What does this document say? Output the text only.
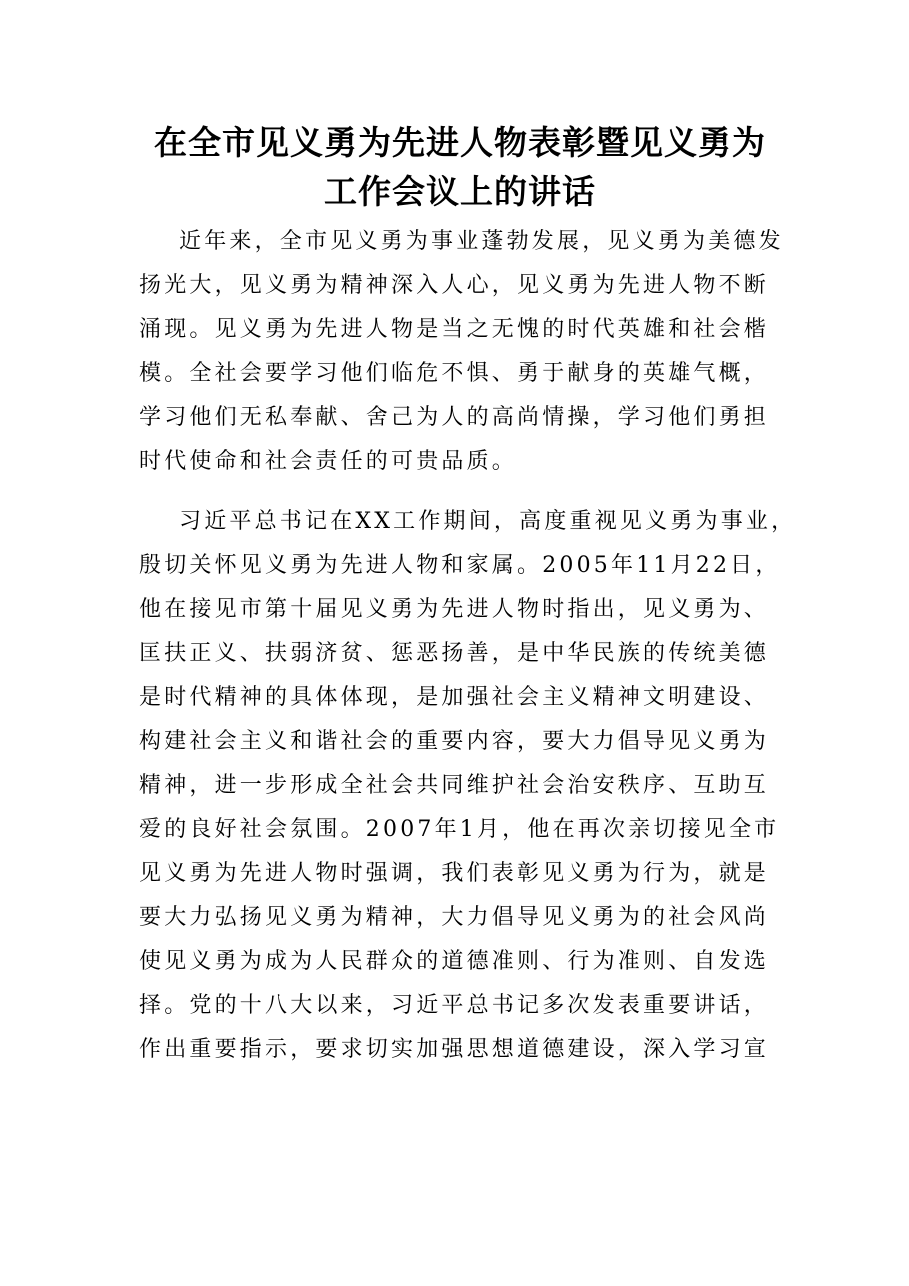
在全市见义勇为先进人物表彰暨见义勇为
工作会议上的讲话
近年来，全市见义勇为事业蓬勃发展，见义勇为美德发
扬光大，见义勇为精神深入人心，见义勇为先进人物不断
涌现。见义勇为先进人物是当之无愧的时代英雄和社会楷
模。全社会要学习他们临危不惧、勇于献身的英雄气概，
学习他们无私奉献、舍己为人的高尚情操，学习他们勇担
时代使命和社会责任的可贵品质。
习近平总书记在XX工作期间，高度重视见义勇为事业，
殷切关怀见义勇为先进人物和家属。2005年11月22日，
他在接见市第十届见义勇为先进人物时指出，见义勇为、
匡扶正义、扶弱济贫、惩恶扬善，是中华民族的传统美德
是时代精神的具体体现，是加强社会主义精神文明建设、
构建社会主义和谐社会的重要内容，要大力倡导见义勇为
精神，进一步形成全社会共同维护社会治安秩序、互助互
爱的良好社会氛围。2007年1月，他在再次亲切接见全市
见义勇为先进人物时强调，我们表彰见义勇为行为，就是
要大力弘扬见义勇为精神，大力倡导见义勇为的社会风尚
使见义勇为成为人民群众的道德准则、行为准则、自发选
择。党的十八大以来，习近平总书记多次发表重要讲话，
作出重要指示，要求切实加强思想道德建设，深入学习宣
